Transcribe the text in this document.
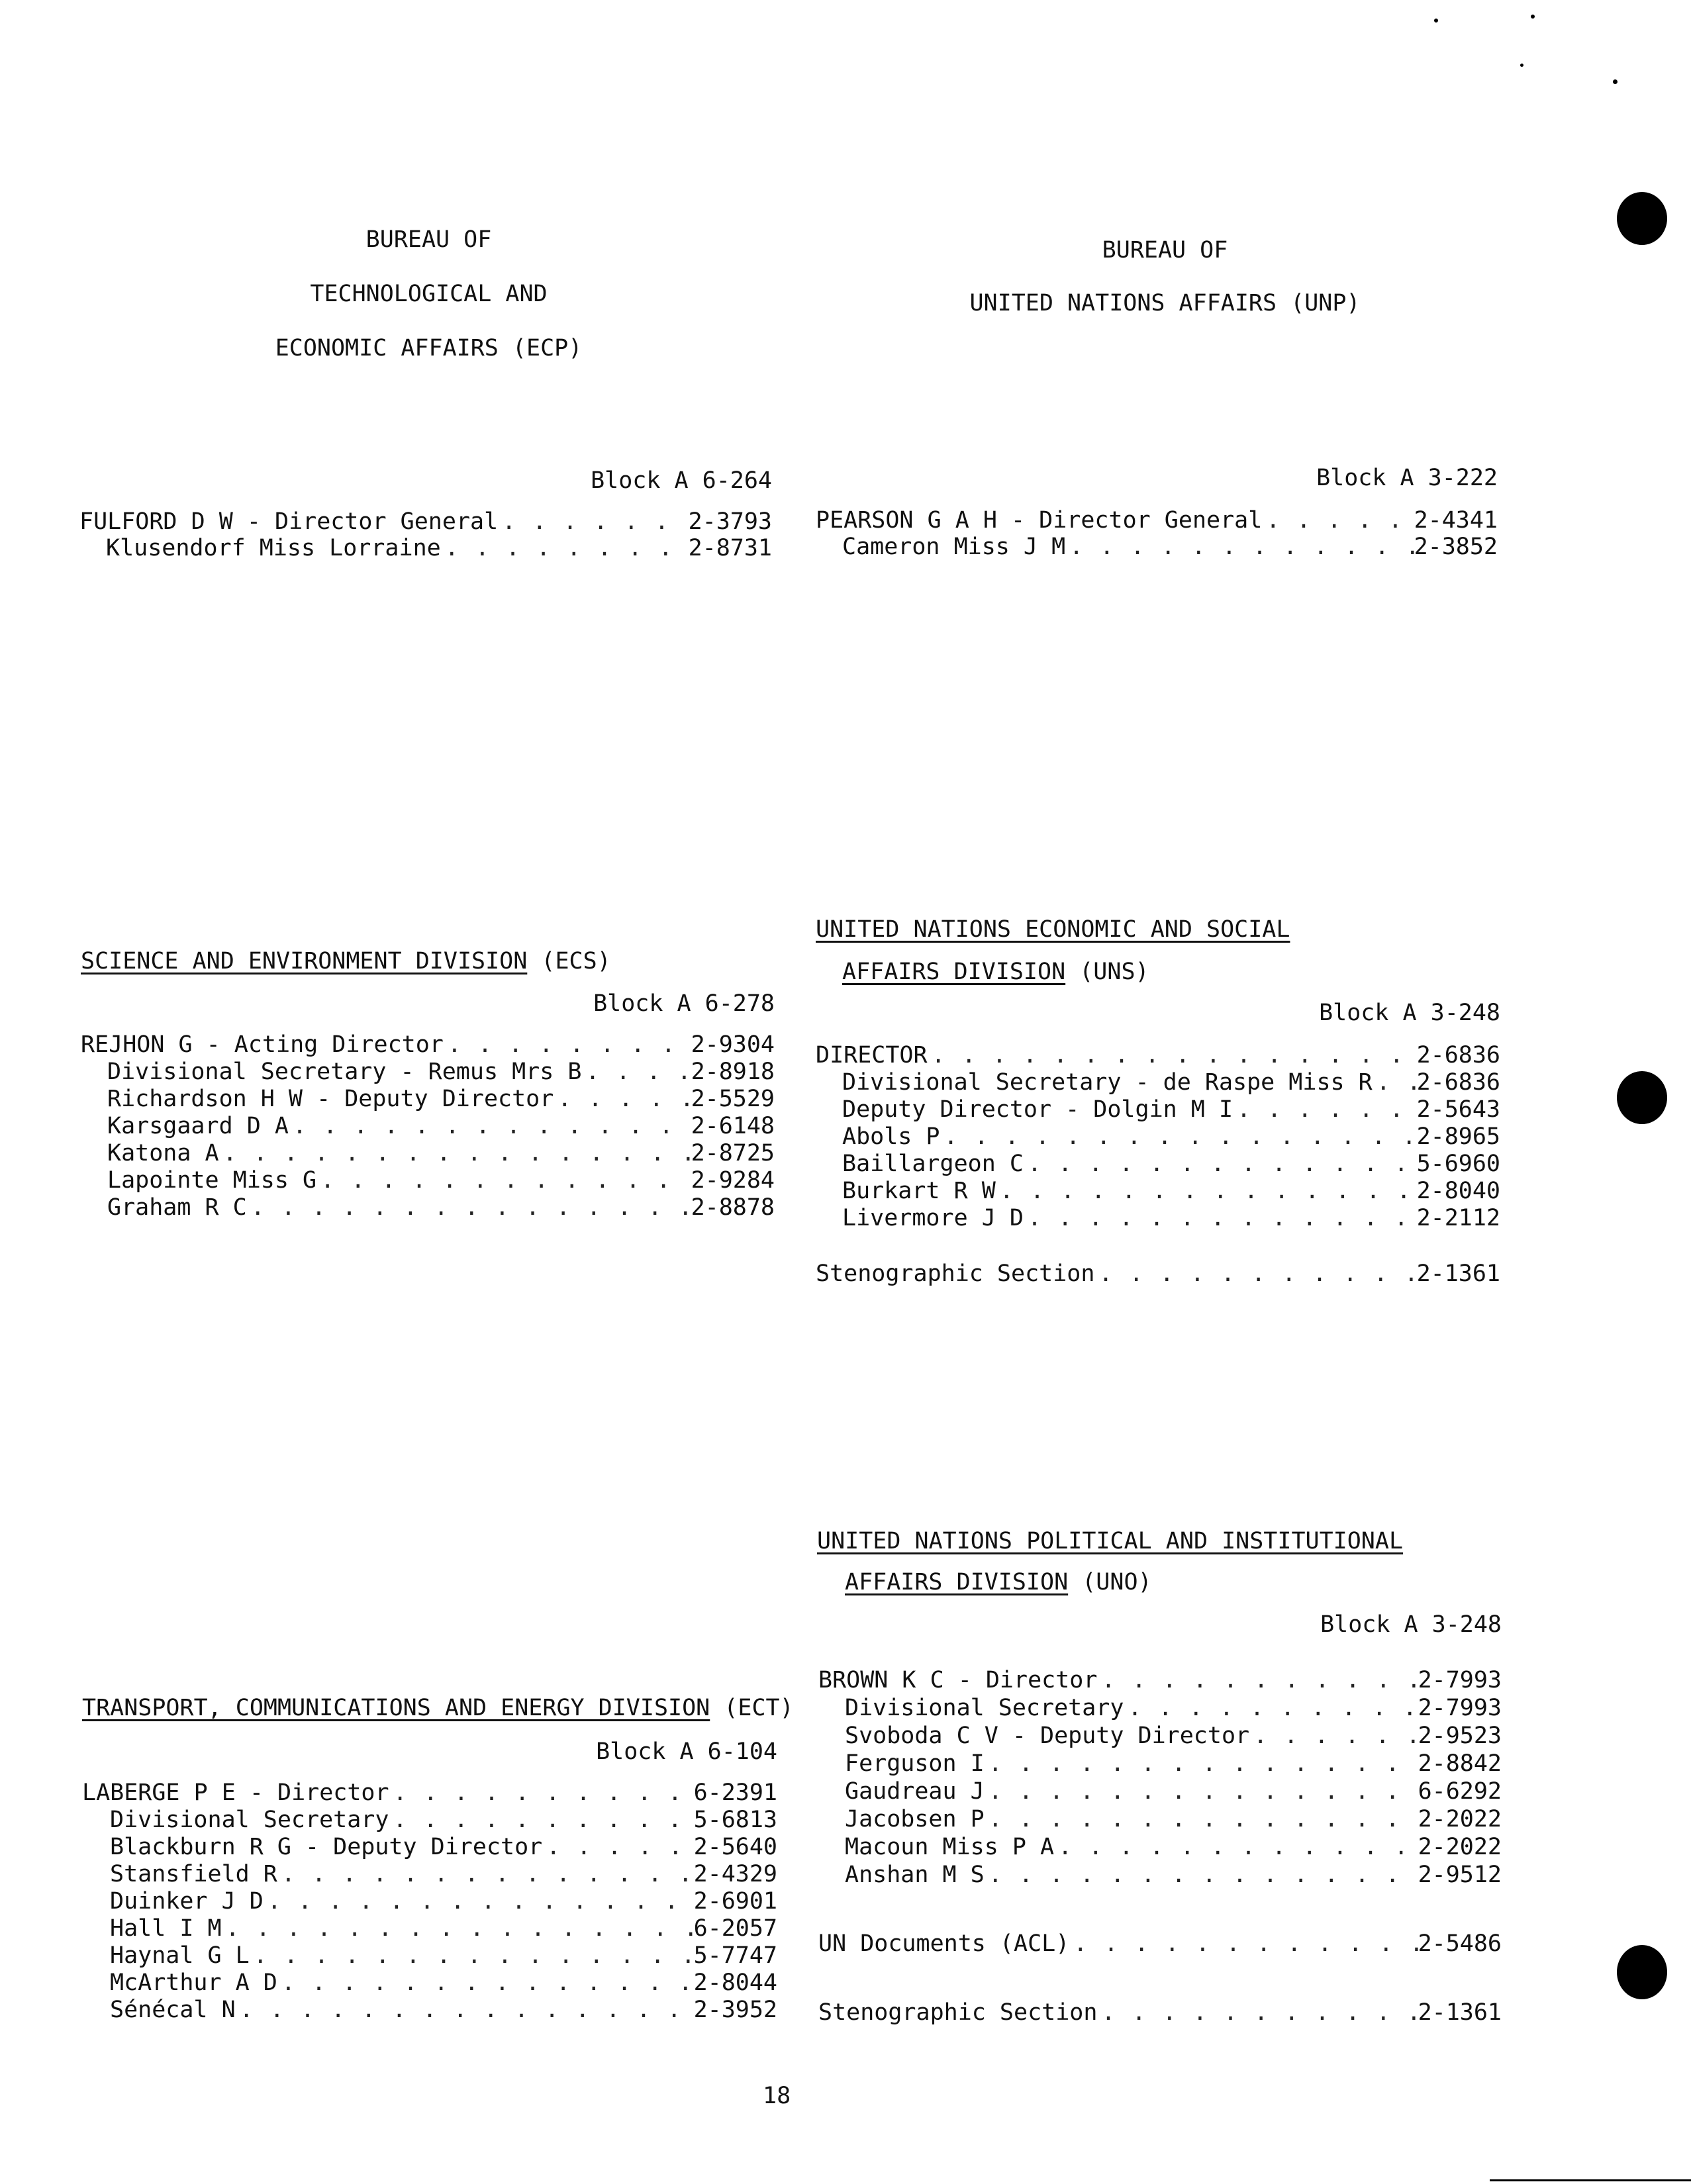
BUREAU OF
TECHNOLOGICAL AND
ECONOMIC AFFAIRS (ECP)
BUREAU OF
UNITED NATIONS AFFAIRS (UNP)
Block A 6-264
FULFORD D W - Director General . . .	2-3793
Klusendorf Miss Lorraine . . .	2-8731
Block A 3-222
PEARSON G A H - Director General . . .	2-4341
Cameron Miss J M . . .	2-3852
SCIENCE AND ENVIRONMENT DIVISION (ECS)
Block A 6-278
REJHON G - Acting Director . . .	2-9304
Divisional Secretary - Remus Mrs B . . .	2-8918
Richardson H W - Deputy Director . . .	2-5529
Karsgaard D A . . .	2-6148
Katona A . . .	2-8725
Lapointe Miss G . . .	2-9284
Graham R C . . .	2-8878
UNITED NATIONS ECONOMIC AND SOCIAL
AFFAIRS DIVISION (UNS)
Block A 3-248
DIRECTOR . . .	2-6836
Divisional Secretary - de Raspe Miss R . . . 2-6836
Deputy Director - Dolgin M I . . .	2-5643
Abols P . . .	2-8965
Baillargeon C . . .	5-6960
Burkart R W . . .	2-8040
Livermore J D . . .	2-2112
Stenographic Section . . .	2-1361
UNITED NATIONS POLITICAL AND INSTITUTIONAL
AFFAIRS DIVISION (UNO)
Block A 3-248
BROWN K C - Director . . .	2-7993
Divisional Secretary . . .	2-7993
Svoboda C V - Deputy Director . . .	2-9523
Ferguson I . . .	2-8842
Gaudreau J . . .	6-6292
Jacobsen P . . .	2-2022
Macoun Miss P A . . .	2-2022
Anshan M S . . .	2-9512
UN Documents (ACL) . . .	2-5486
Stenographic Section . . .	2-1361
TRANSPORT, COMMUNICATIONS AND ENERGY DIVISION (ECT)
Block A 6-104
LABERGE P E - Director . . .	6-2391
Divisional Secretary . . .	5-6813
Blackburn R G - Deputy Director . . .	2-5640
Stansfield R . . .	2-4329
Duinker J D . . .	2-6901
Hall I M . . .	6-2057
Haynal G L . . .	5-7747
McArthur A D . . .	2-8044
Sénécal N . . .	2-3952
18
